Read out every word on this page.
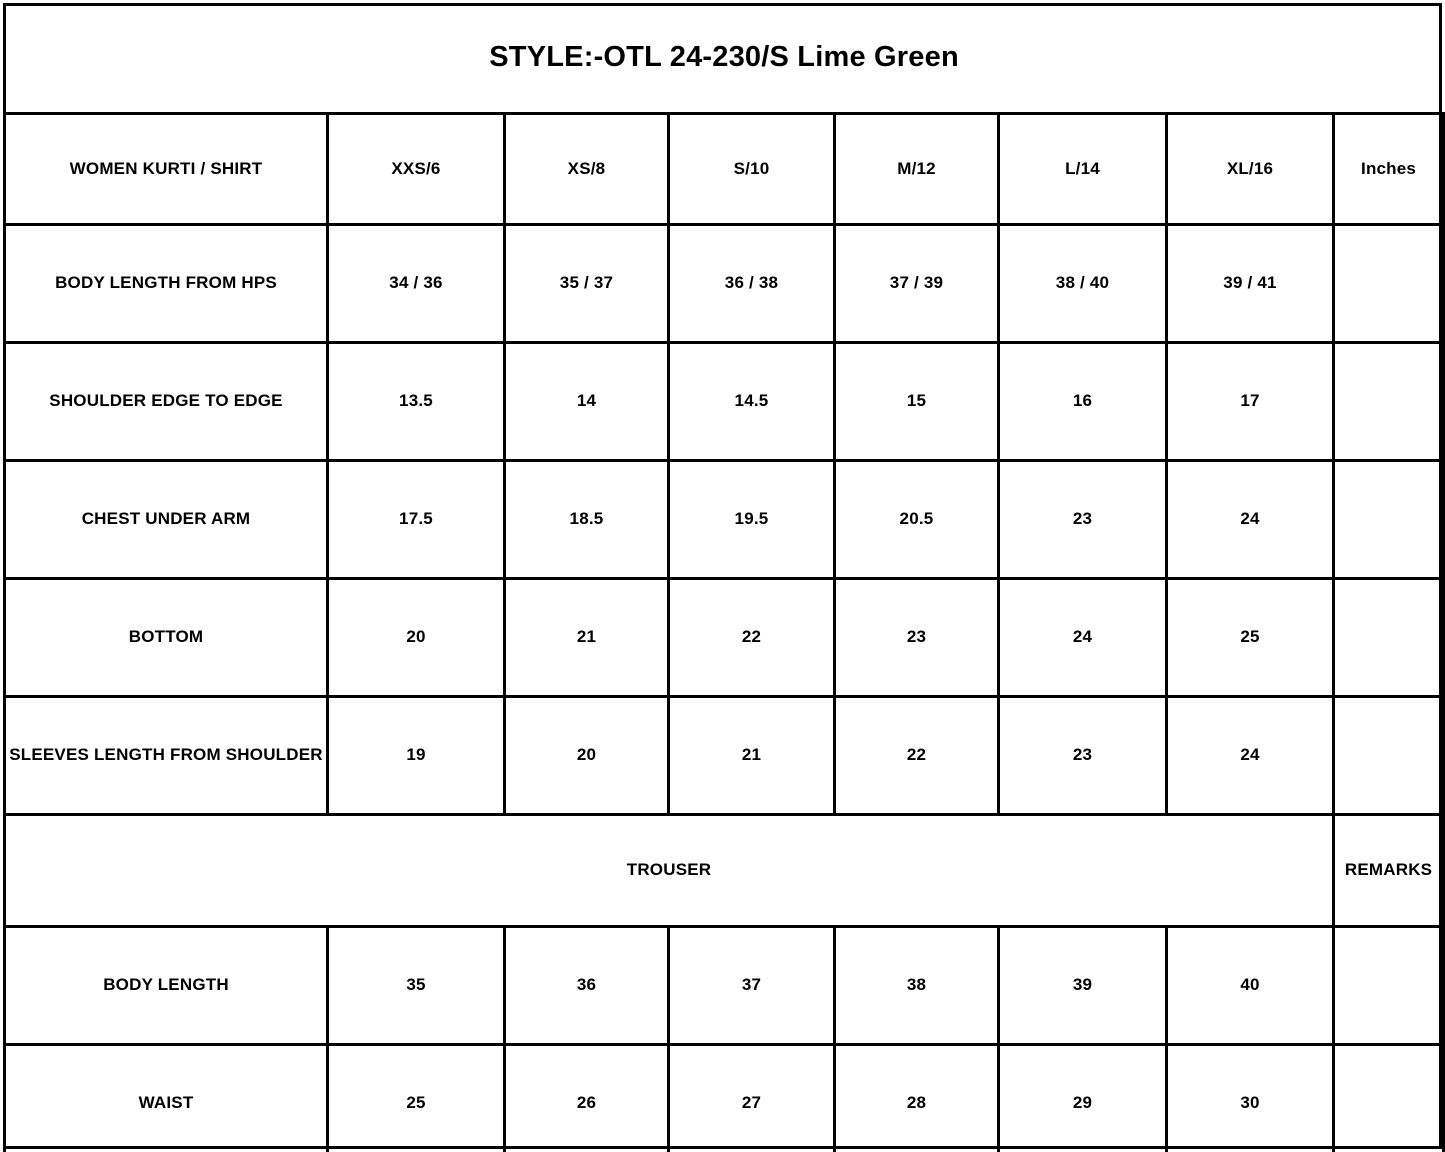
STYLE:-OTL 24-230/S Lime Green							
WOMEN KURTI / SHIRT	XXS/6	XS/8	S/10	M/12	L/14	XL/16	Inches
BODY LENGTH FROM HPS	34 / 36	35 / 37	36 / 38	37 / 39	38 / 40	39 / 41	
SHOULDER EDGE TO EDGE	13.5	14	14.5	15	16	17	
CHEST UNDER ARM	17.5	18.5	19.5	20.5	23	24	
BOTTOM	20	21	22	23	24	25	
SLEEVES LENGTH FROM SHOULDER	19	20	21	22	23	24	
TROUSER							REMARKS
BODY LENGTH	35	36	37	38	39	40	
WAIST	25	26	27	28	29	30	
